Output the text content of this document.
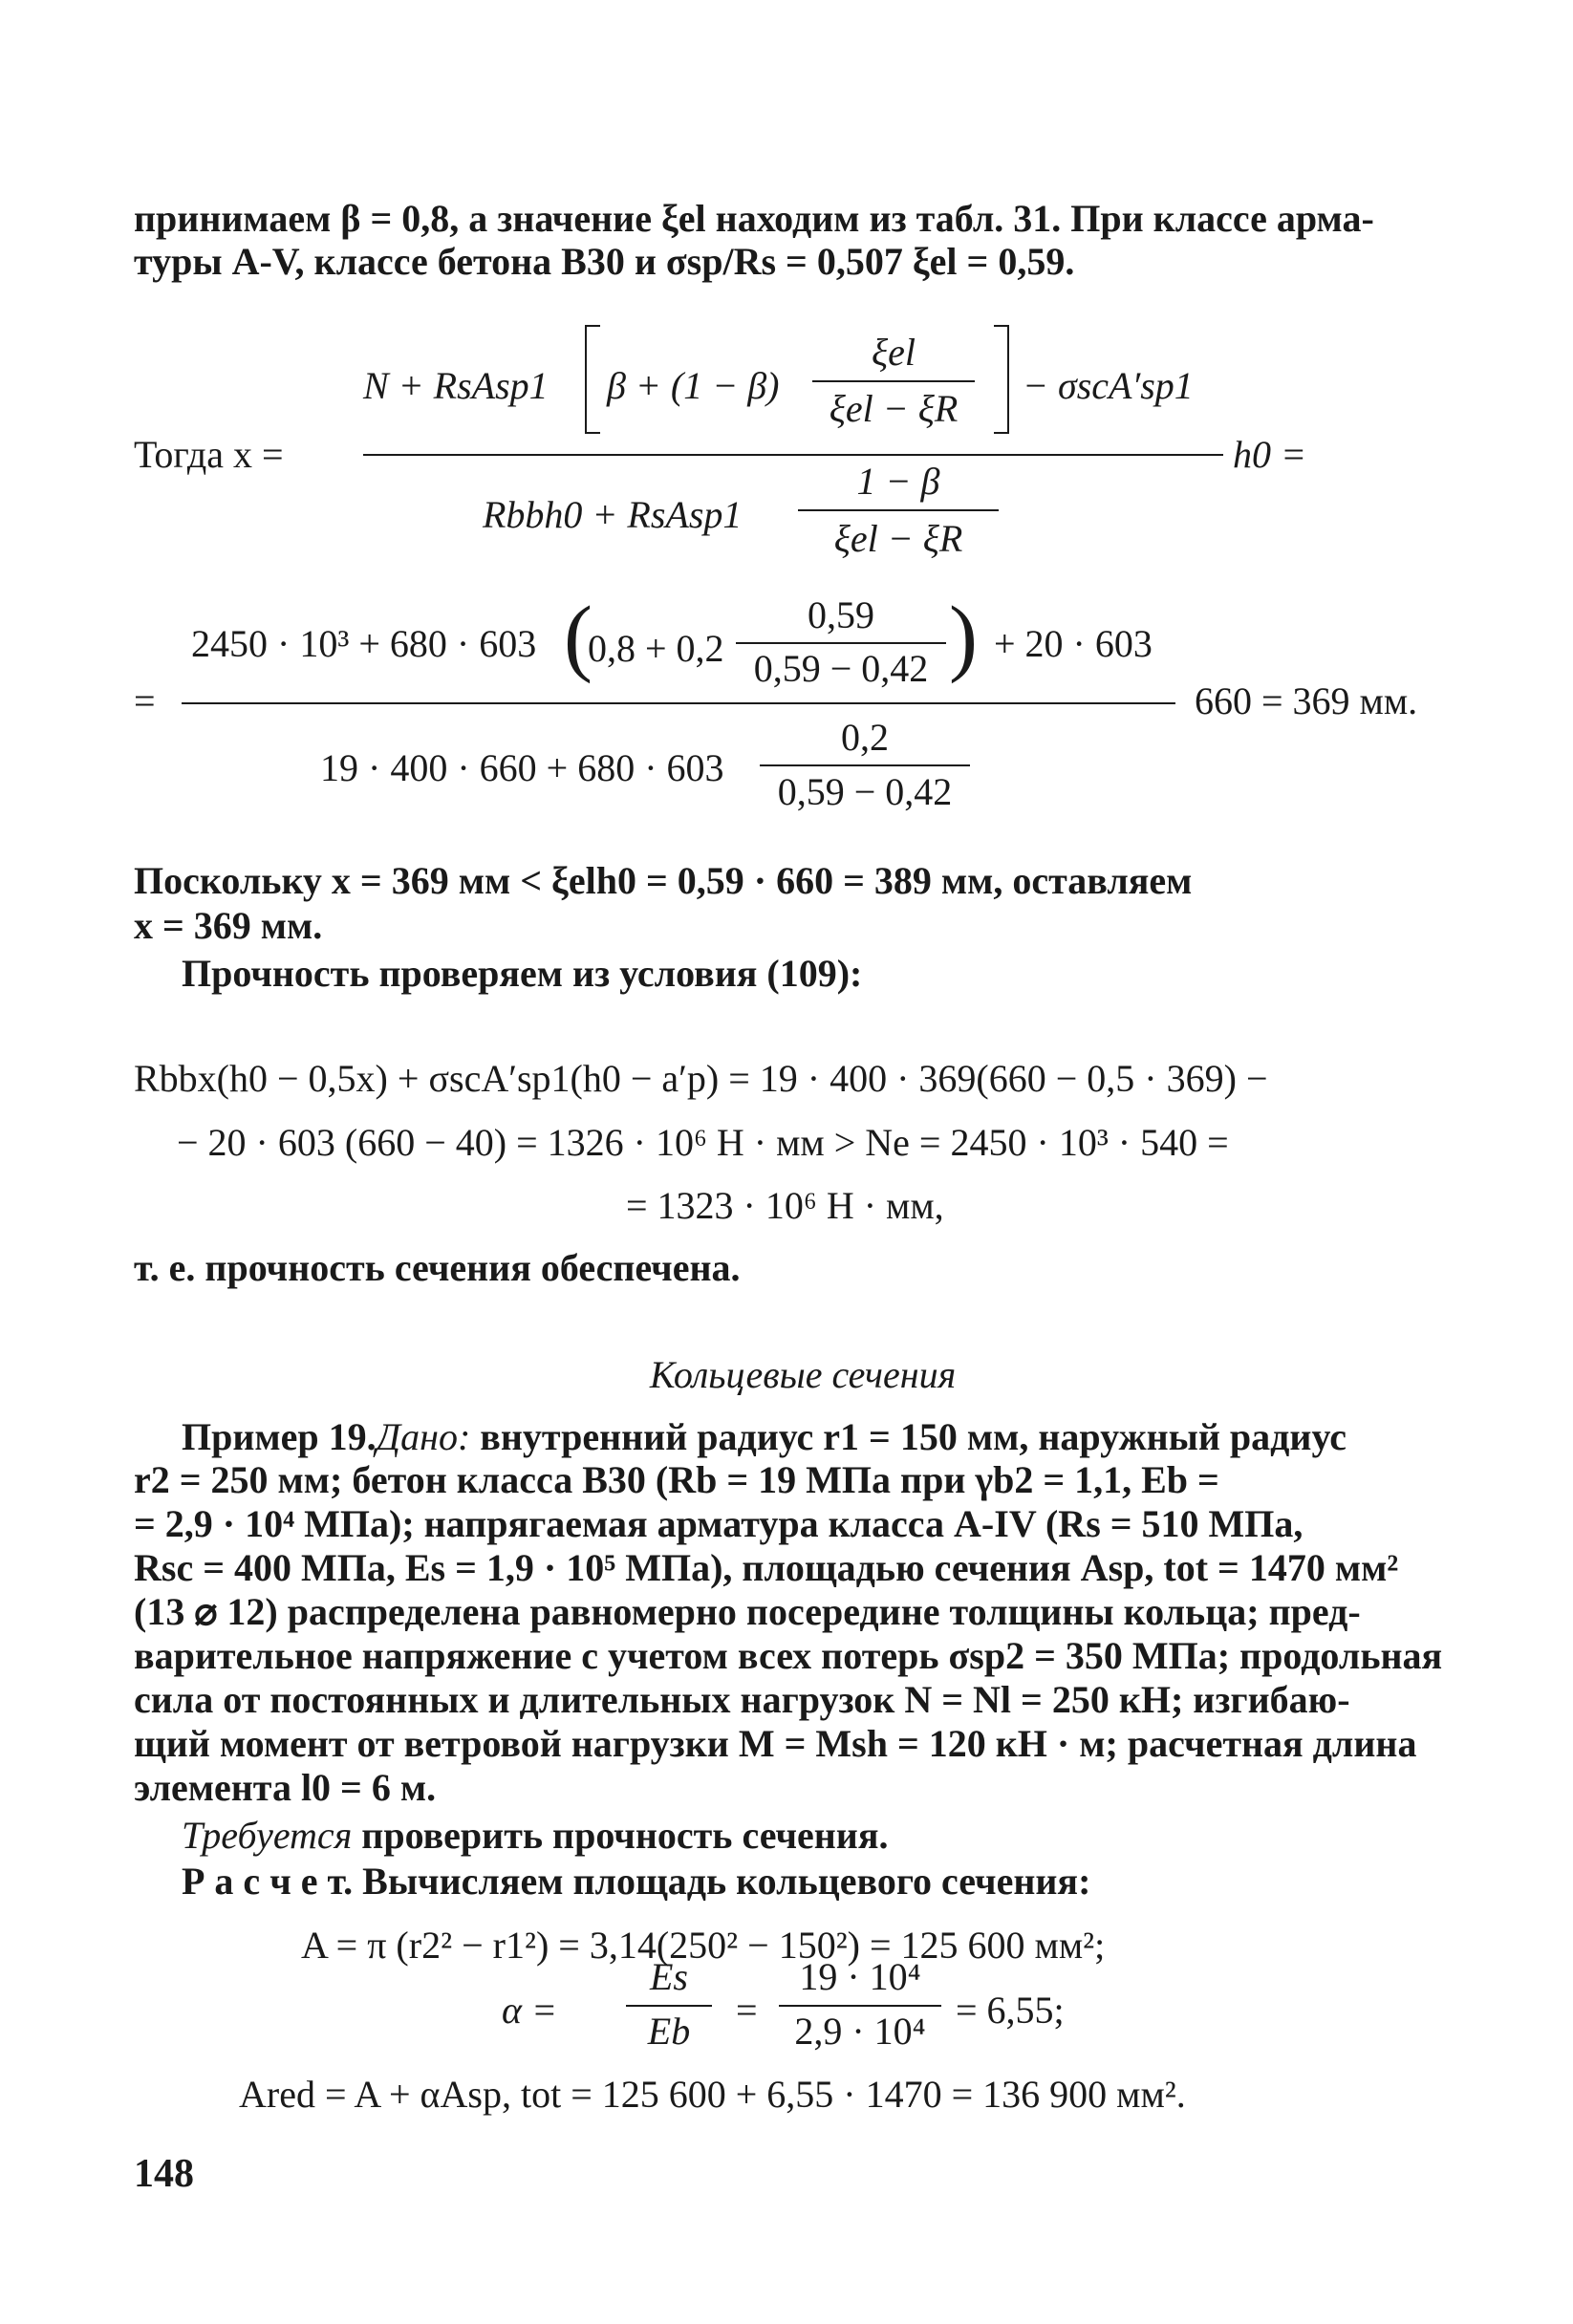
принимаем β = 0,8, а значение ξel находим из табл. 31. При классе арма-
туры А-V, классе бетона В30 и σsp/Rs = 0,507 ξel = 0,59.
Тогда x =
N + RsAsp1 β + (1 − β)
ξel
ξel − ξR
− σscA′sp1
Rbbh0 + RsAsp1
1 − β
ξel − ξR
h0 =
=
2450 · 10³ + 680 · 603 (
0,8 + 0,2
0,59
0,59 − 0,42 ) + 20 · 603
19 · 400 · 660 + 680 · 603
0,2
0,59 − 0,42
660 = 369 мм.
Поскольку x = 369 мм < ξelh0 = 0,59 · 660 = 389 мм, оставляем
x = 369 мм.
Прочность проверяем из условия (109):
Rbbx(h0 − 0,5x) + σscA′sp1(h0 − a′p) = 19 · 400 · 369(660 − 0,5 · 369) −
− 20 · 603 (660 − 40) = 1326 · 10⁶ Н · мм > Ne = 2450 · 10³ · 540 =
= 1323 · 10⁶ Н · мм,
т. е. прочность сечения обеспечена.
Кольцевые сечения
Пример 19.Дано: внутренний радиус r1 = 150 мм, наружный радиус
r2 = 250 мм; бетон класса В30 (Rb = 19 МПа при γb2 = 1,1, Eb =
= 2,9 · 10⁴ МПа); напрягаемая арматура класса А-IV (Rs = 510 МПа,
Rsc = 400 МПа, Es = 1,9 · 10⁵ МПа), площадью сечения Asp, tot = 1470 мм²
(13 ⌀ 12) распределена равномерно посередине толщины кольца; пред-
варительное напряжение с учетом всех потерь σsp2 = 350 МПа; продольная
сила от постоянных и длительных нагрузок N = Nl = 250 кН; изгибаю-
щий момент от ветровой нагрузки M = Msh = 120 кН · м; расчетная длина
элемента l0 = 6 м.
Требуется проверить прочность сечения.
Р а с ч е т. Вычисляем площадь кольцевого сечения:
A = π (r2² − r1²) = 3,14(250² − 150²) = 125 600 мм²;
α =
Es
Eb	=
19 · 10⁴
2,9 · 10⁴ = 6,55;
Ared = A + αAsp, tot = 125 600 + 6,55 · 1470 = 136 900 мм².
148
